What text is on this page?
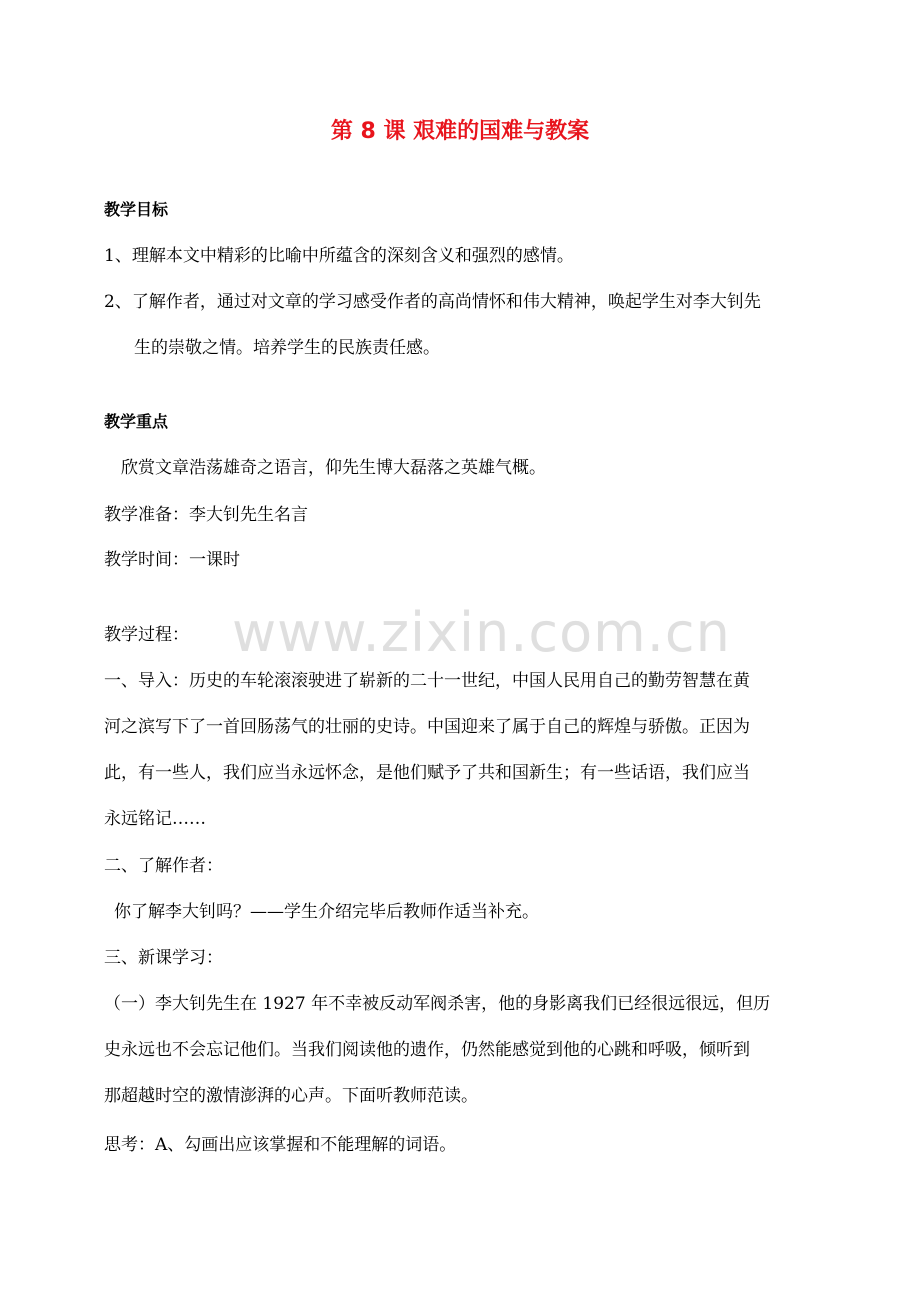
第 8 课 艰难的国难与教案
教学目标
1、理解本文中精彩的比喻中所蕴含的深刻含义和强烈的感情。
2、了解作者，通过对文章的学习感受作者的高尚情怀和伟大精神，唤起学生对李大钊先
生的崇敬之情。培养学生的民族责任感。
教学重点
欣赏文章浩荡雄奇之语言，仰先生博大磊落之英雄气概。
教学准备：李大钊先生名言
教学时间：一课时
www.zixin.com.cn
教学过程：
一、导入：历史的车轮滚滚驶进了崭新的二十一世纪，中国人民用自己的勤劳智慧在黄
河之滨写下了一首回肠荡气的壮丽的史诗。中国迎来了属于自己的辉煌与骄傲。正因为
此，有一些人，我们应当永远怀念，是他们赋予了共和国新生；有一些话语，我们应当
永远铭记……
二、了解作者：
你了解李大钊吗？——学生介绍完毕后教师作适当补充。
三、新课学习：
（一）李大钊先生在 1927 年不幸被反动军阀杀害，他的身影离我们已经很远很远，但历
史永远也不会忘记他们。当我们阅读他的遗作，仍然能感觉到他的心跳和呼吸，倾听到
那超越时空的激情澎湃的心声。下面听教师范读。
思考：A、勾画出应该掌握和不能理解的词语。
